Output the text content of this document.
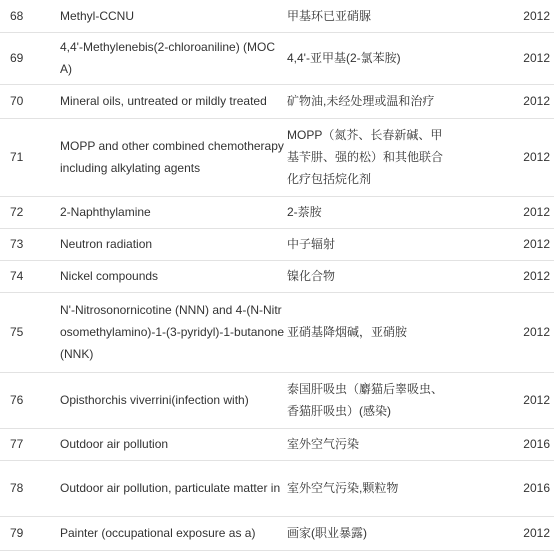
68	Methyl-CCNU	甲基环已亚硝脲	2012
69	4,4'-Methylenebis(2-chloroaniline) (MOCA)	4,4'-亚甲基(2-氯苯胺)	2012
70	Mineral oils, untreated or mildly treated	矿物油,未经处理或温和治疗	2012
71	MOPP and other combined chemotherapy including alkylating agents	MOPP（氮芥、长春新碱、甲基苄肼、强的松）和其他联合化疗包括烷化剂	2012
72	2-Naphthylamine	2-萘胺	2012
73	Neutron radiation	中子辐射	2012
74	Nickel compounds	镍化合物	2012
75	N'-Nitrosonornicotine (NNN) and 4-(N-Nitrosomethylamino)-1-(3-pyridyl)-1-butanone (NNK)	亚硝基降烟碱，亚硝胺	2012
76	Opisthorchis viverrini(infection with)	泰国肝吸虫（麝猫后睾吸虫、香猫肝吸虫）(感染)	2012
77	Outdoor air pollution	室外空气污染	2016
78	Outdoor air pollution, particulate matter in	室外空气污染,颗粒物	2016
79	Painter (occupational exposure as a)	画家(职业暴露)	2012
